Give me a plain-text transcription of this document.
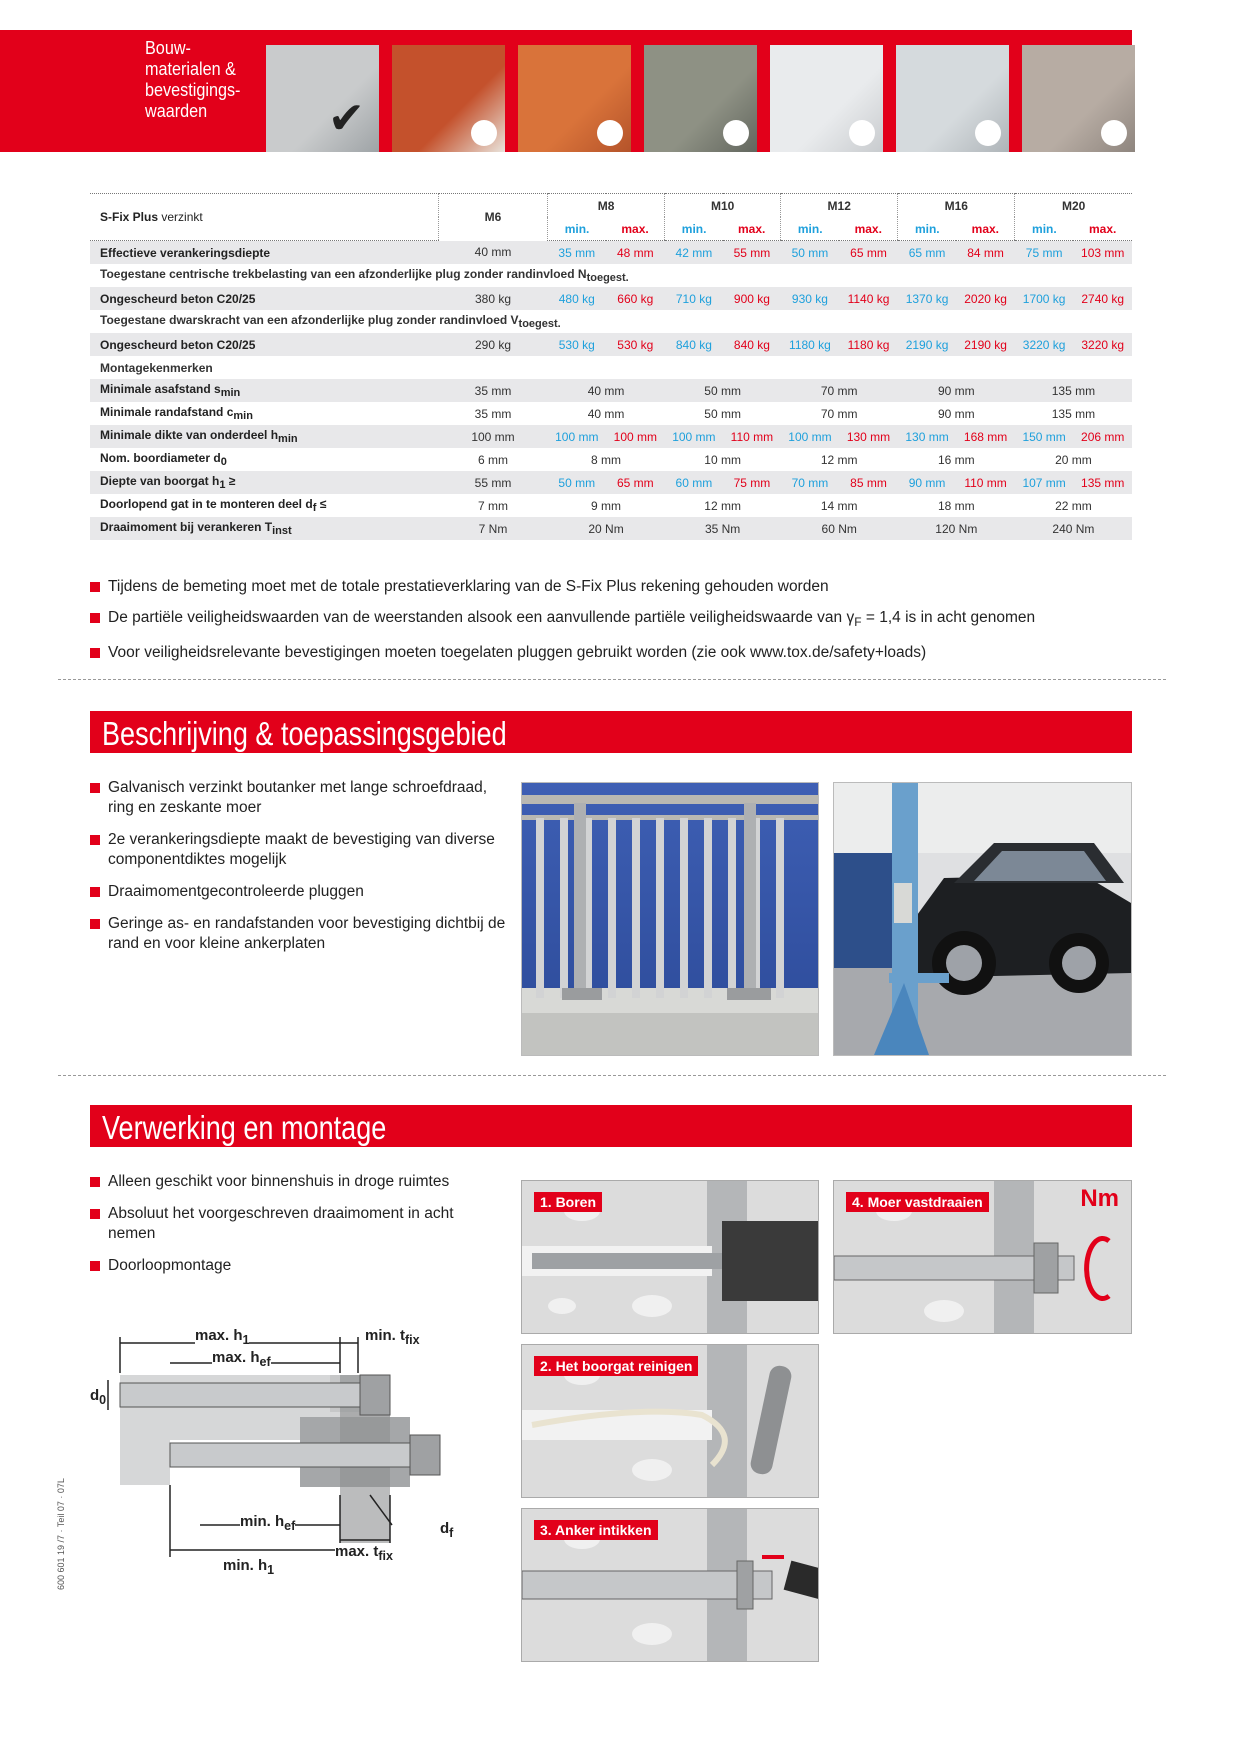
Bouw-
materialen &
bevestigings-
waarden	✔
S-Fix Plus verzinkt	M6	M8		M10		M12		M16		M20	
		min.	max.	min.	max.	min.	max.	min.	max.	min.	max.
Effectieve verankeringsdiepte	40 mm	35 mm	48 mm	42 mm	55 mm	50 mm	65 mm	65 mm	84 mm	75 mm	103 mm
Toegestane centrische trekbelasting van een afzonderlijke plug zonder randinvloed $N_{toegest.}$
Ongescheurd beton C20/25	380 kg	480 kg	660 kg	710 kg	900 kg	930 kg	1140 kg	1370 kg	2020 kg	1700 kg	2740 kg
Toegestane dwarskracht van een afzonderlijke plug zonder randinvloed $V_{toegest.}$
Ongescheurd beton C20/25	290 kg	530 kg	530 kg	840 kg	840 kg	1180 kg	1180 kg	2190 kg	2190 kg	3220 kg	3220 kg
Montagekenmerken											
Minimale asafstand $s_{min}$	35 mm	40 mm		50 mm		70 mm		90 mm		135 mm	
Minimale randafstand $c_{min}$	35 mm	40 mm		50 mm		70 mm		90 mm		135 mm	
Minimale dikte van onderdeel $h_{min}$	100 mm	100 mm	100 mm	100 mm	110 mm	100 mm	130 mm	130 mm	168 mm	150 mm	206 mm
Nom. boordiameter $d_0$	6 mm	8 mm		10 mm		12 mm		16 mm		20 mm	
Diepte van boorgat $h_1$ ≥	55 mm	50 mm	65 mm	60 mm	75 mm	70 mm	85 mm	90 mm	110 mm	107 mm	135 mm
Doorlopend gat in te monteren deel $d_f$ ≤	7 mm	9 mm		12 mm		14 mm		18 mm		22 mm	
Draaimoment bij verankeren $T_{inst}$	7 Nm	20 Nm		35 Nm		60 Nm		120 Nm		240 Nm	
Tijdens de bemeting moet met de totale prestatieverklaring van de S-Fix Plus rekening gehouden worden
De partiële veiligheidswaarden van de weerstanden alsook een aanvullende partiële veiligheidswaarde van $\gamma_F = 1,4$ is in acht genomen
Voor veiligheidsrelevante bevestigingen moeten toegelaten pluggen gebruikt worden (zie ook www.tox.de/safety+loads)
Beschrijving & toepassingsgebied
Galvanisch verzinkt boutanker met lange schroefdraad, ring en zeskante moer
2e verankeringsdiepte maakt de bevestiging van diverse componentdiktes mogelijk
Draaimomentgecontroleerde pluggen
Geringe as- en randafstanden voor bevestiging dichtbij de rand en voor kleine ankerplaten
Verwerking en montage
Alleen geschikt voor binnenshuis in droge ruimtes
Absoluut het voorgeschreven draaimoment in acht nemen
Doorloopmontage
max. $h_1$
max. $h_{ef}$
min. $t_{fix}$
$d_0$
$d_f$
min. $h_{ef}$
max. $t_{fix}$
min. $h_1$
1. Boren
2. Het boorgat reinigen
3. Anker intikken
4. Moer vastdraaien	Nm
600 601 19 /7 · Teil 07 · 07L
